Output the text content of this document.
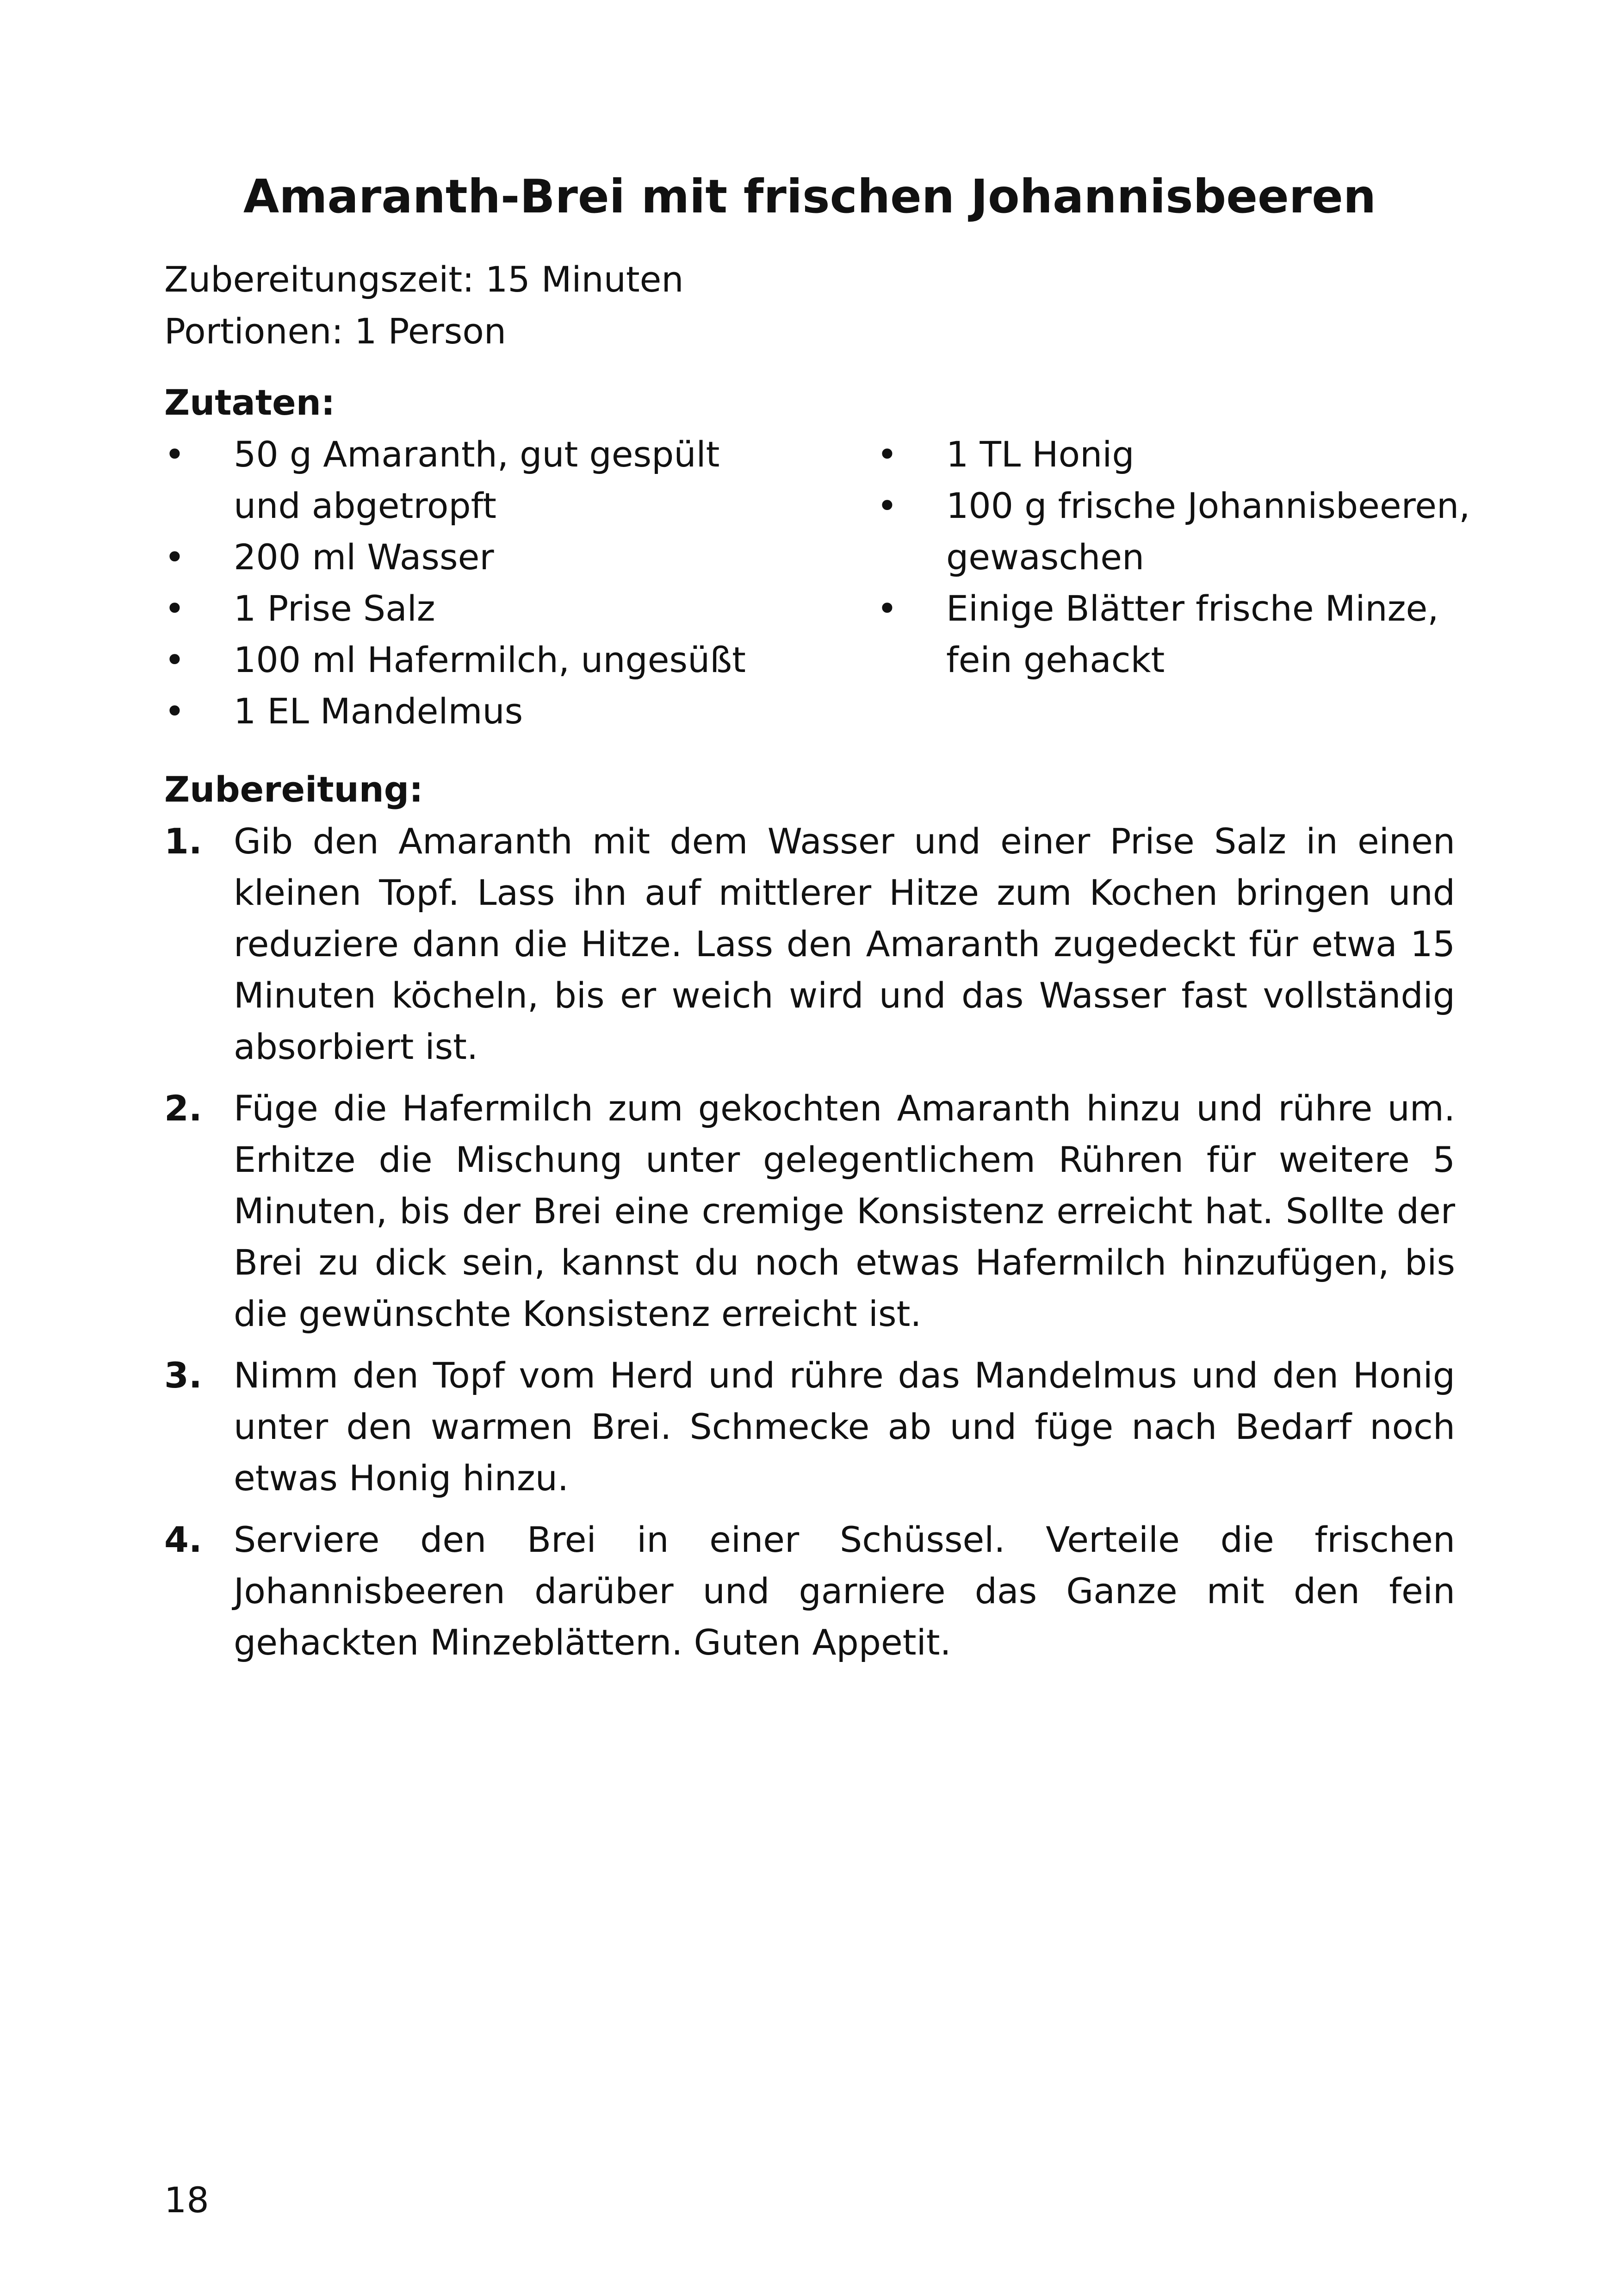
Amaranth-Brei mit frischen Johannisbeeren
Zubereitungszeit: 15 Minuten
Portionen: 1 Person
Zutaten:
• 50 g Amaranth, gut gespült und abgetropft
• 200 ml Wasser
• 1 Prise Salz
• 100 ml Hafermilch, ungesüßt
• 1 EL Mandelmus
• 1 TL Honig
• 100 g frische Johannisbeeren, gewaschen
• Einige Blätter frische Minze, fein gehackt
Zubereitung:
1. Gib den Amaranth mit dem Wasser und einer Prise Salz in einen kleinen Topf. Lass ihn auf mittlerer Hitze zum Kochen bringen und reduziere dann die Hitze. Lass den Amaranth zugedeckt für etwa 15 Minuten köcheln, bis er weich wird und das Wasser fast vollständig absorbiert ist.
2. Füge die Hafermilch zum gekochten Amaranth hinzu und rühre um. Erhitze die Mischung unter gelegentlichem Rühren für weitere 5 Minuten, bis der Brei eine cremige Konsistenz erreicht hat. Sollte der Brei zu dick sein, kannst du noch etwas Hafermilch hinzufügen, bis die gewünschte Konsistenz erreicht ist.
3. Nimm den Topf vom Herd und rühre das Mandelmus und den Honig unter den warmen Brei. Schmecke ab und füge nach Bedarf noch etwas Honig hinzu.
4. Serviere den Brei in einer Schüssel. Verteile die frischen Johannisbeeren darüber und garniere das Ganze mit den fein gehackten Minzeblättern. Guten Appetit.
18
